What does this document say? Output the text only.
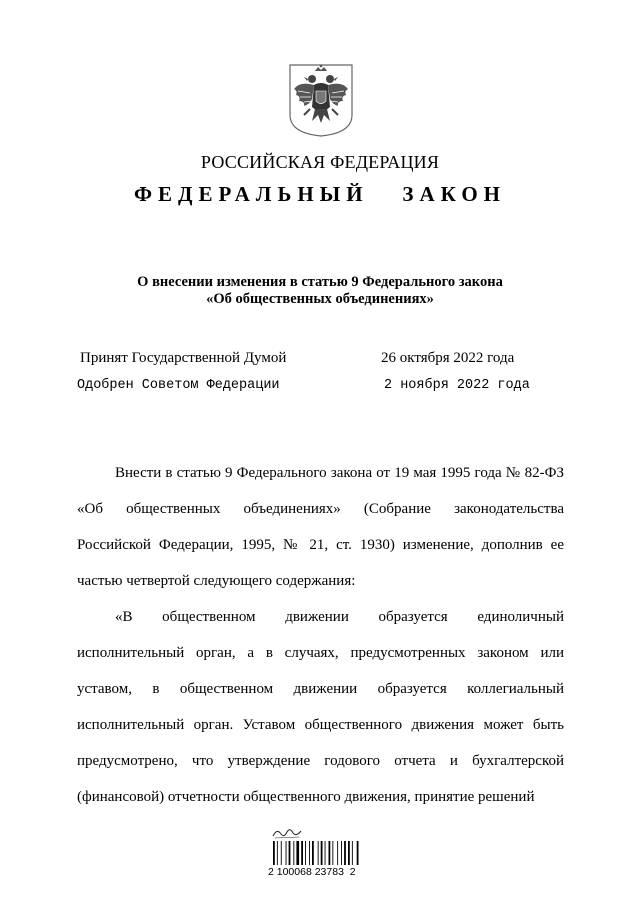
РОССИЙСКАЯ ФЕДЕРАЦИЯ
ФЕДЕРАЛЬНЫЙ   ЗАКОН
О внесении изменения в статью 9 Федерального закона
«Об общественных объединениях»
Принят Государственной Думой	26 октября 2022 года
Одобрен Советом Федерации	2 ноября 2022 года

Внести в статью 9 Федерального закона от 19 мая 1995 года № 82-ФЗ «Об общественных объединениях» (Собрание законодательства Российской Федерации, 1995, № 21, ст. 1930) изменение, дополнив ее частью четвертой следующего содержания:

«В общественном движении образуется единоличный исполнительный орган, а в случаях, предусмотренных законом или уставом, в общественном движении образуется коллегиальный исполнительный орган. Уставом общественного движения может быть предусмотрено, что утверждение годового отчета и бухгалтерской (финансовой) отчетности общественного движения, принятие решений

2 100068 23783  2
